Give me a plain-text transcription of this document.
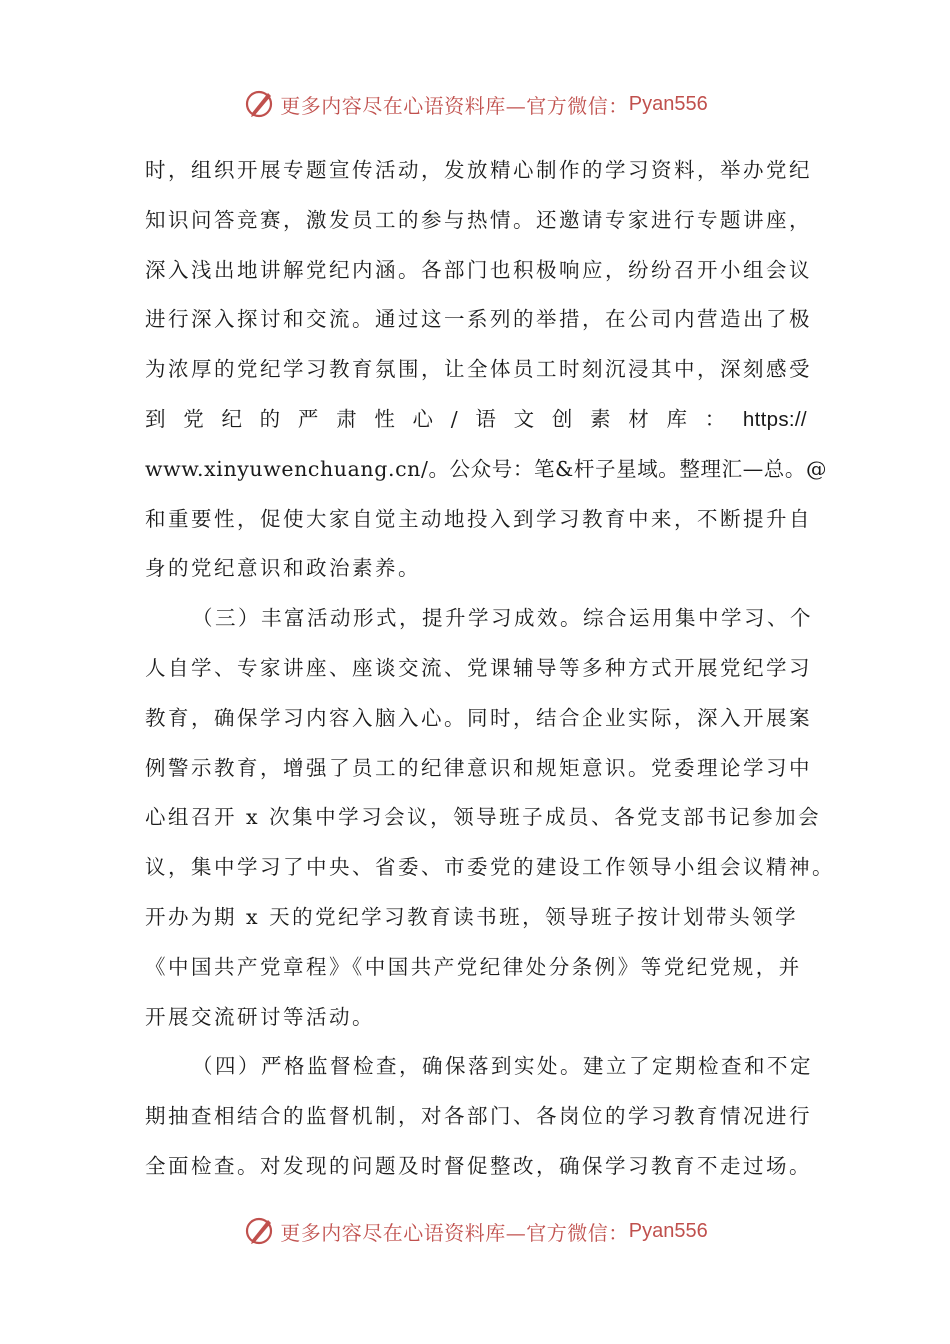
更多内容尽在心语资料库—官方微信： Pyan556
时，组织开展专题宣传活动，发放精心制作的学习资料，举办党纪
知识问答竞赛，激发员工的参与热情。还邀请专家进行专题讲座，
深入浅出地讲解党纪内涵。各部门也积极响应，纷纷召开小组会议
进行深入探讨和交流。通过这一系列的举措，在公司内营造出了极
为浓厚的党纪学习教育氛围，让全体员工时刻沉浸其中，深刻感受
到 党 纪 的 严 肃 性 心 / 语 文 创 素 材 库 ： https://
www.xinyuwenchuang.cn/。公众号：笔&杆子星域。整理汇—总。@
和重要性，促使大家自觉主动地投入到学习教育中来，不断提升自
身的党纪意识和政治素养。
（三）丰富活动形式，提升学习成效。综合运用集中学习、个
人自学、专家讲座、座谈交流、党课辅导等多种方式开展党纪学习
教育，确保学习内容入脑入心。同时，结合企业实际，深入开展案
例警示教育，增强了员工的纪律意识和规矩意识。党委理论学习中
心组召开 x 次集中学习会议，领导班子成员、各党支部书记参加会
议，集中学习了中央、省委、市委党的建设工作领导小组会议精神。
开办为期 x 天的党纪学习教育读书班，领导班子按计划带头领学
《中国共产党章程》《中国共产党纪律处分条例》等党纪党规，并
开展交流研讨等活动。
（四）严格监督检查，确保落到实处。建立了定期检查和不定
期抽查相结合的监督机制，对各部门、各岗位的学习教育情况进行
全面检查。对发现的问题及时督促整改，确保学习教育不走过场。
更多内容尽在心语资料库—官方微信： Pyan556
